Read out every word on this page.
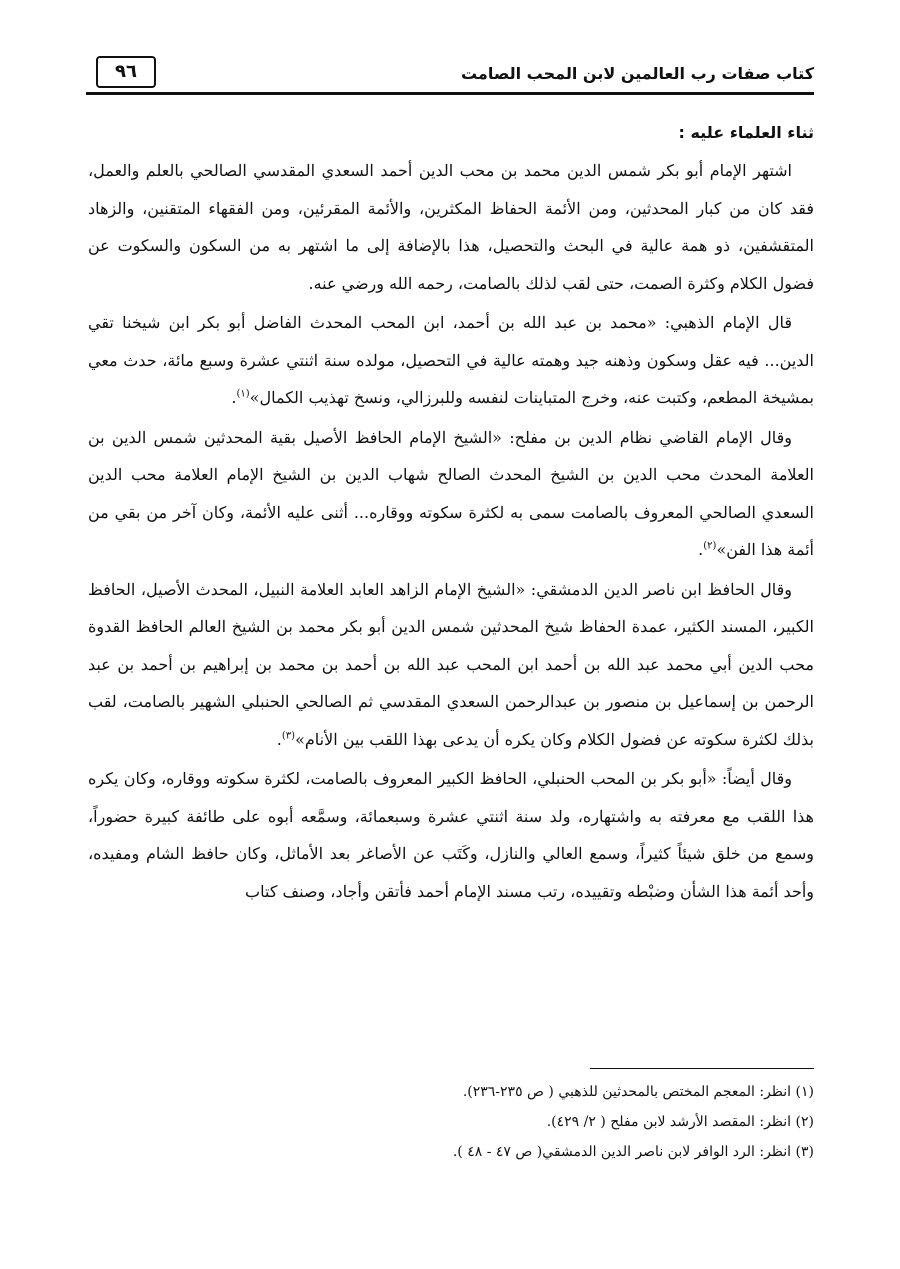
كتاب صفات رب العالمين لابن المحب الصامت
٩٦
ثناء العلماء عليه :

اشتهر الإمام أبو بكر شمس الدين محمد بن محب الدين أحمد السعدي المقدسي الصالحي بالعلم والعمل، فقد كان من كبار المحدثين، ومن الأئمة الحفاظ المكثرين، والأئمة المقرئين، ومن الفقهاء المتقنين، والزهاد المتقشفين، ذو همة عالية في البحث والتحصيل، هذا بالإضافة إلى ما اشتهر به من السكون والسكوت عن فضول الكلام وكثرة الصمت، حتى لقب لذلك بالصامت، رحمه الله ورضي عنه.

قال الإمام الذهبي: «محمد بن عبد الله بن أحمد، ابن المحب المحدث الفاضل أبو بكر ابن شيخنا تقي الدين... فيه عقل وسكون وذهنه جيد وهمته عالية في التحصيل، مولده سنة اثنتي عشرة وسبع مائة، حدث معي بمشيخة المطعم، وكتبت عنه، وخرج المتباينات لنفسه وللبرزالي، ونسخ تهذيب الكمال»$^{(١)}$.

وقال الإمام القاضي نظام الدين بن مفلح: «الشيخ الإمام الحافظ الأصيل بقية المحدثين شمس الدين بن العلامة المحدث محب الدين بن الشيخ المحدث الصالح شهاب الدين بن الشيخ الإمام العلامة محب الدين السعدي الصالحي المعروف بالصامت سمى به لكثرة سكوته ووقاره... أثنى عليه الأئمة، وكان آخر من بقي من أئمة هذا الفن»$^{(٢)}$.

وقال الحافظ ابن ناصر الدين الدمشقي: «الشيخ الإمام الزاهد العابد العلامة النبيل، المحدث الأصيل، الحافظ الكبير، المسند الكثير، عمدة الحفاظ شيخ المحدثين شمس الدين أبو بكر محمد بن الشيخ العالم الحافظ القدوة محب الدين أبي محمد عبد الله بن أحمد ابن المحب عبد الله بن أحمد بن محمد بن إبراهيم بن أحمد بن عبد الرحمن بن إسماعيل بن منصور بن عبدالرحمن السعدي المقدسي ثم الصالحي الحنبلي الشهير بالصامت، لقب بذلك لكثرة سكوته عن فضول الكلام وكان يكره أن يدعى بهذا اللقب بين الأنام»$^{(٣)}$.

وقال أيضاً: «أبو بكر بن المحب الحنبلي، الحافظ الكبير المعروف بالصامت، لكثرة سكوته ووقاره، وكان يكره هذا اللقب مع معرفته به واشتهاره، ولد سنة اثنتي عشرة وسبعمائة، وسمَّعه أبوه على طائفة كبيرة حضوراً، وسمع من خلق شيئاً كثيراً، وسمع العالي والنازل، وكَتَب عن الأصاغر بعد الأماثل، وكان حافظ الشام ومفيده، وأحد أئمة هذا الشأن وضبْطه وتقييده، رتب مسند الإمام أحمد فأتقن وأجاد، وصنف كتاب

(١) انظر: المعجم المختص بالمحدثين للذهبي ( ص ٢٣٥-٢٣٦).
(٢) انظر: المقصد الأرشد لابن مفلح ( ٢/ ٤٢٩).
(٣) انظر: الرد الوافر لابن ناصر الدين الدمشقي( ص ٤٧ - ٤٨ ).
